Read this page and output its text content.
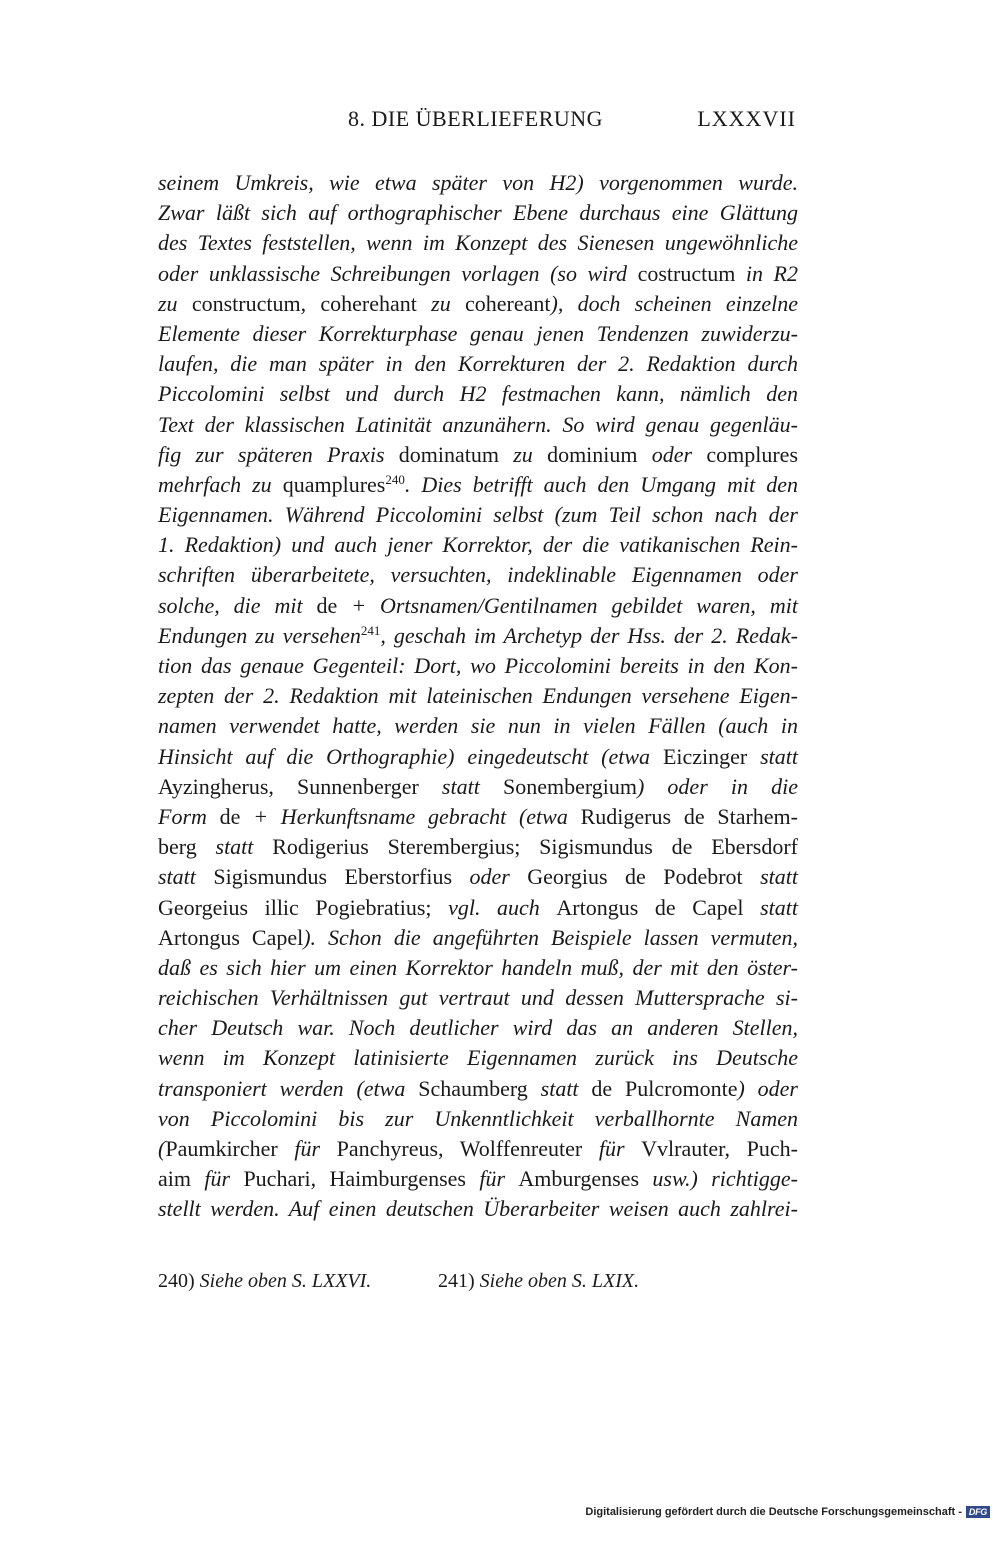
8. DIE ÜBERLIEFERUNG	LXXXVII
seinem Umkreis, wie etwa später von H2) vorgenommen wurde.
Zwar läßt sich auf orthographischer Ebene durchaus eine Glättung
des Textes feststellen, wenn im Konzept des Sienesen ungewöhnliche
oder unklassische Schreibungen vorlagen (so wird costructum in R2
zu constructum, coherehant zu cohereant), doch scheinen einzelne
Elemente dieser Korrekturphase genau jenen Tendenzen zuwiderzu-
laufen, die man später in den Korrekturen der 2. Redaktion durch
Piccolomini selbst und durch H2 festmachen kann, nämlich den
Text der klassischen Latinität anzunähern. So wird genau gegenläu-
fig zur späteren Praxis dominatum zu dominium oder complures
mehrfach zu quamplures$^{240}$. Dies betrifft auch den Umgang mit den
Eigennamen. Während Piccolomini selbst (zum Teil schon nach der
1. Redaktion) und auch jener Korrektor, der die vatikanischen Rein-
schriften überarbeitete, versuchten, indeklinable Eigennamen oder
solche, die mit de + Ortsnamen/Gentilnamen gebildet waren, mit
Endungen zu versehen$^{241}$, geschah im Archetyp der Hss. der 2. Redak-
tion das genaue Gegenteil: Dort, wo Piccolomini bereits in den Kon-
zepten der 2. Redaktion mit lateinischen Endungen versehene Eigen-
namen verwendet hatte, werden sie nun in vielen Fällen (auch in
Hinsicht auf die Orthographie) eingedeutscht (etwa Eiczinger statt
Ayzingherus, Sunnenberger statt Sonembergium) oder in die
Form de + Herkunftsname gebracht (etwa Rudigerus de Starhem-
berg statt Rodigerius Sterembergius; Sigismundus de Ebersdorf
statt Sigismundus Eberstorfius oder Georgius de Podebrot statt
Georgeius illic Pogiebratius; vgl. auch Artongus de Capel statt
Artongus Capel). Schon die angeführten Beispiele lassen vermuten,
daß es sich hier um einen Korrektor handeln muß, der mit den öster-
reichischen Verhältnissen gut vertraut und dessen Muttersprache si-
cher Deutsch war. Noch deutlicher wird das an anderen Stellen,
wenn im Konzept latinisierte Eigennamen zurück ins Deutsche
transponiert werden (etwa Schaumberg statt de Pulcromonte) oder
von Piccolomini bis zur Unkenntlichkeit verballhornte Namen
(Paumkircher für Panchyreus, Wolffenreuter für Vvlrauter, Puch-
aim für Puchari, Haimburgenses für Amburgenses usw.) richtigge-
stellt werden. Auf einen deutschen Überarbeiter weisen auch zahlrei-
240) Siehe oben S. LXXVI.	241) Siehe oben S. LXIX.
Digitalisierung gefördert durch die Deutsche Forschungsgemeinschaft - DFG
